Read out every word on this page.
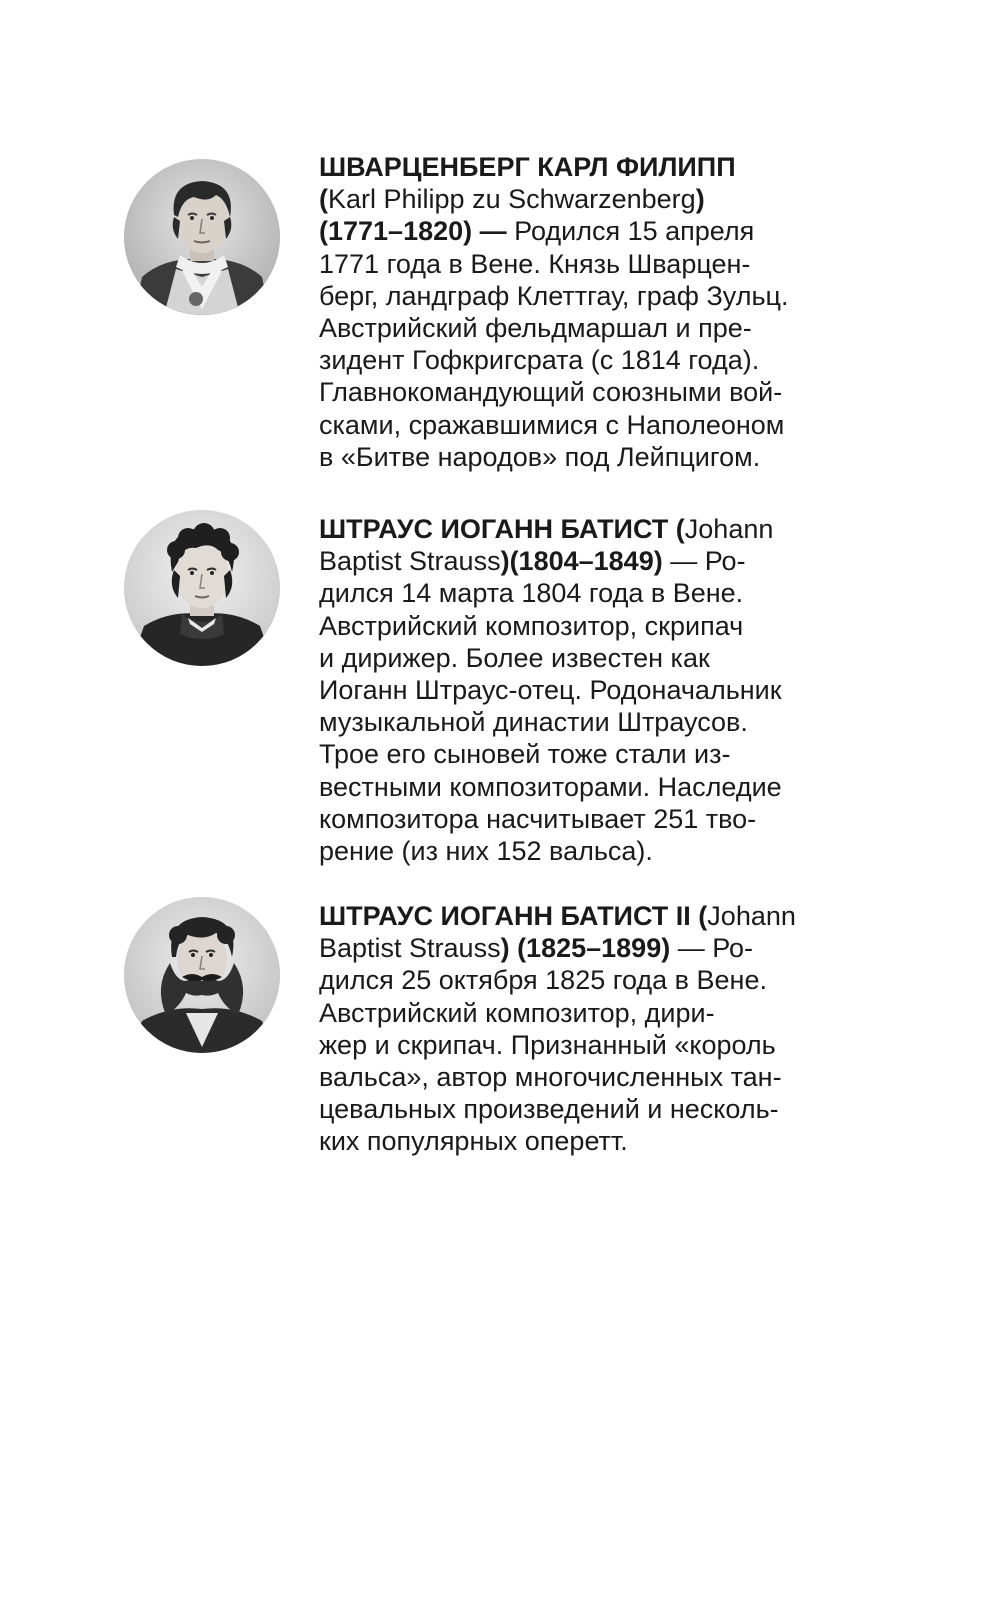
ШВАРЦЕНБЕРГ КАРЛ ФИЛИПП
(Karl Philipp zu Schwarzenberg)
(1771–1820) — Родился 15 апреля
1771 года в Вене. Князь Шварцен-
берг, ландграф Клеттгау, граф Зульц.
Австрийский фельдмаршал и пре-
зидент Гофкригсрата (с 1814 года).
Главнокомандующий союзными вой-
сками, сражавшимися с Наполеоном
в «Битве народов» под Лейпцигом.

ШТРАУС ИОГАНН БАТИСТ (Johann
Baptist Strauss)(1804–1849) — Ро-
дился 14 марта 1804 года в Вене.
Австрийский композитор, скрипач
и дирижер. Более известен как
Иоганн Штраус-отец. Родоначальник
музыкальной династии Штраусов.
Трое его сыновей тоже стали из-
вестными композиторами. Наследие
композитора насчитывает 251 тво-
рение (из них 152 вальса).

ШТРАУС ИОГАНН БАТИСТ II (Johann
Baptist Strauss) (1825–1899) — Ро-
дился 25 октября 1825 года в Вене.
Австрийский композитор, дири-
жер и скрипач. Признанный «король
вальса», автор многочисленных тан-
цевальных произведений и несколь-
ких популярных оперетт.
